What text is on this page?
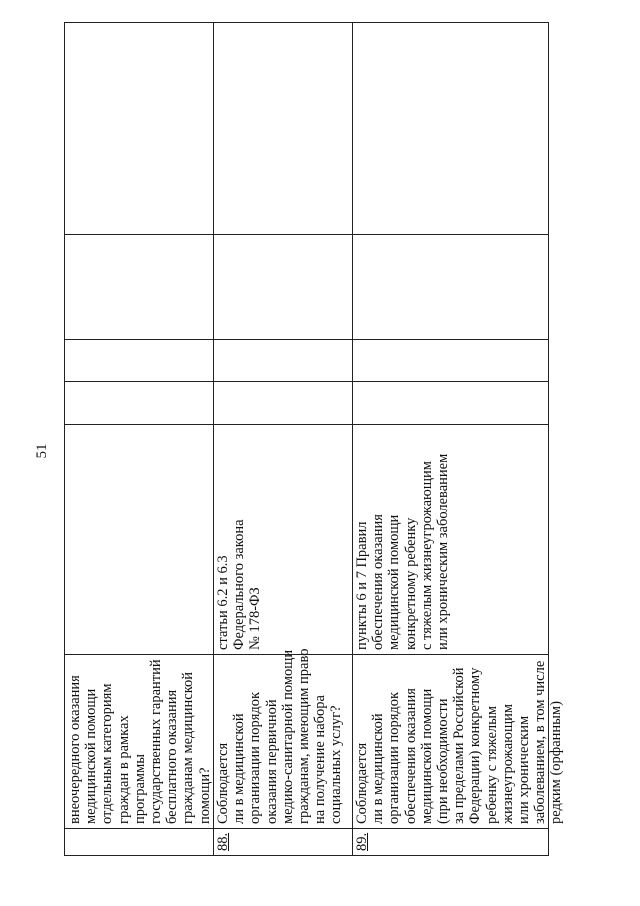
51
внеочередного оказания медицинской помощи отдельным категориям граждан в рамках программы государственных гарантий бесплатного оказания гражданам медицинской помощи?
88.
Соблюдается ли в медицинской организации порядок оказания первичной медико-санитарной помощи гражданам, имеющим право на получение набора социальных услуг?
статьи 6.2 и 6.3 Федерального закона № 178-ФЗ
89.
Соблюдается ли в медицинской организации порядок обеспечения оказания медицинской помощи (при необходимости за пределами Российской Федерации) конкретному ребенку с тяжелым жизнеугрожающим или хроническим заболеванием, в том числе редким (орфанным)
пункты 6 и 7 Правил обеспечения оказания медицинской помощи конкретному ребенку с тяжелым жизнеугрожающим или хроническим заболеванием
